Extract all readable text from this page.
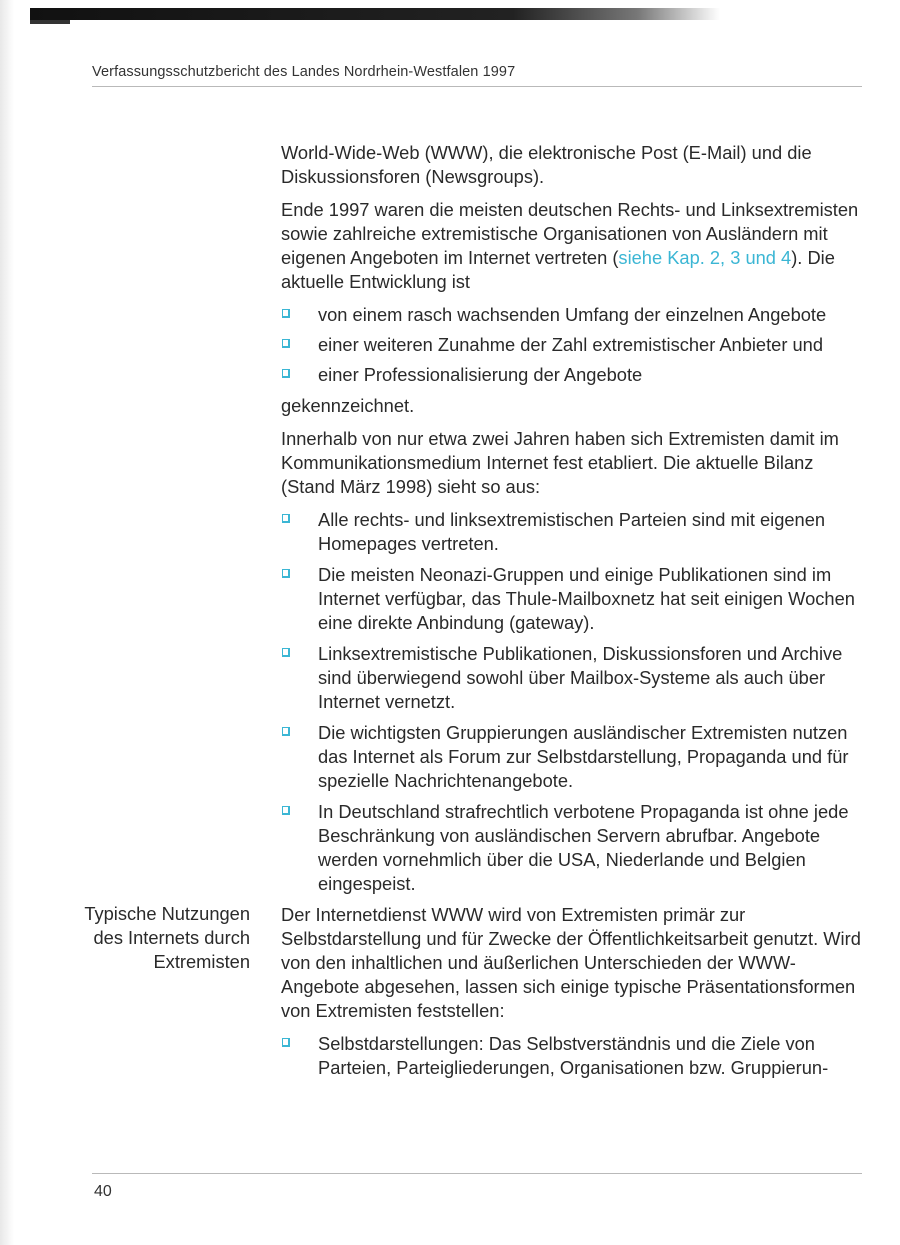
Verfassungsschutzbericht des Landes Nordrhein-Westfalen 1997

World-Wide-Web (WWW), die elektronische Post (E-Mail) und die Diskussionsforen (Newsgroups).

Ende 1997 waren die meisten deutschen Rechts- und Linksextremisten sowie zahlreiche extremistische Organisationen von Ausländern mit eigenen Angeboten im Internet vertreten (siehe Kap. 2, 3 und 4). Die aktuelle Entwicklung ist

von einem rasch wachsenden Umfang der einzelnen Angebote
einer weiteren Zunahme der Zahl extremistischer Anbieter und
einer Professionalisierung der Angebote

gekennzeichnet.

Innerhalb von nur etwa zwei Jahren haben sich Extremisten damit im Kommunikationsmedium Internet fest etabliert. Die aktuelle Bilanz (Stand März 1998) sieht so aus:

Alle rechts- und linksextremistischen Parteien sind mit eigenen Homepages vertreten.
Die meisten Neonazi-Gruppen und einige Publikationen sind im Internet verfügbar, das Thule-Mailboxnetz hat seit einigen Wochen eine direkte Anbindung (gateway).
Linksextremistische Publikationen, Diskussionsforen und Archive sind überwiegend sowohl über Mailbox-Systeme als auch über Internet vernetzt.
Die wichtigsten Gruppierungen ausländischer Extremisten nutzen das Internet als Forum zur Selbstdarstellung, Propaganda und für spezielle Nachrichtenangebote.
In Deutschland strafrechtlich verbotene Propaganda ist ohne jede Beschränkung von ausländischen Servern abrufbar. Angebote werden vornehmlich über die USA, Niederlande und Belgien eingespeist.

Der Internetdienst WWW wird von Extremisten primär zur Selbstdarstellung und für Zwecke der Öffentlichkeitsarbeit genutzt. Wird von den inhaltlichen und äußerlichen Unterschieden der WWW-Angebote abgesehen, lassen sich einige typische Präsentationsformen von Extremisten feststellen:

Selbstdarstellungen: Das Selbstverständnis und die Ziele von Parteien, Parteigliederungen, Organisationen bzw. Gruppierun-
Typische Nutzungen des Internets durch Extremisten
40
